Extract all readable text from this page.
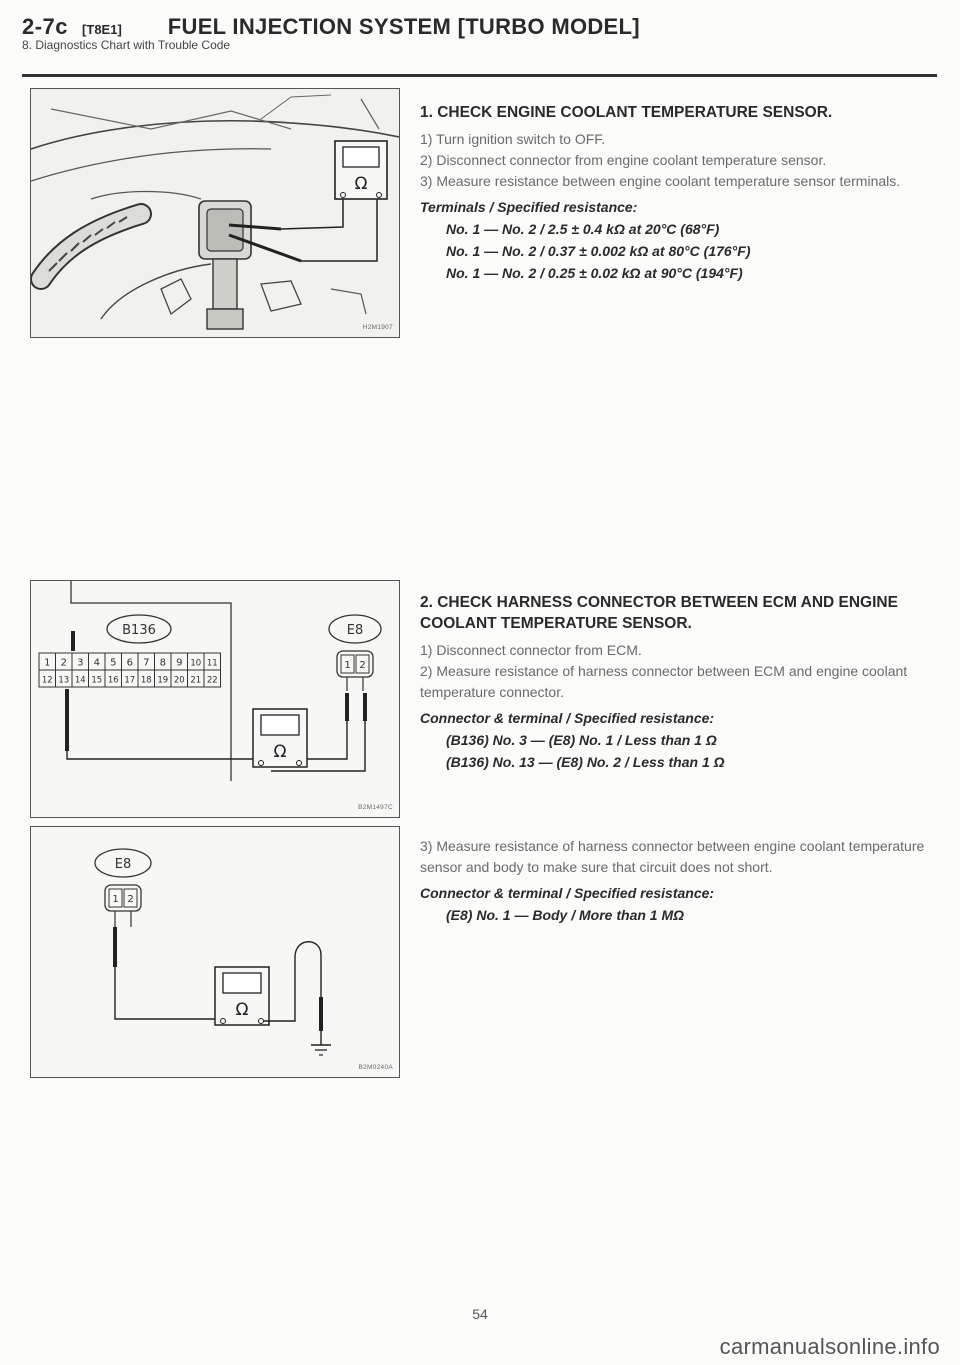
2-7c [T8E1] FUEL INJECTION SYSTEM [TURBO MODEL]
8. Diagnostics Chart with Trouble Code
Ω
H2M1907
1. CHECK ENGINE COOLANT TEMPERATURE SENSOR.

1) Turn ignition switch to OFF.

2) Disconnect connector from engine coolant temperature sensor.

3) Measure resistance between engine coolant temperature sensor terminals.

Terminals / Specified resistance:
No. 1 — No. 2 / 2.5 ± 0.4 kΩ at 20°C (68°F)
No. 1 — No. 2 / 0.37 ± 0.002 kΩ at 80°C (176°F)
No. 1 — No. 2 / 0.25 ± 0.02 kΩ at 90°C (194°F)
B136
1 2 3 4 5 6 7 8 9 10 11
12 13 14 15 16 17 18 19 20 21 22
E8
1 2
Ω
B2M1497C
2. CHECK HARNESS CONNECTOR BETWEEN ECM AND ENGINE COOLANT TEMPERATURE SENSOR.

1) Disconnect connector from ECM.

2) Measure resistance of harness connector between ECM and engine coolant temperature connector.

Connector & terminal / Specified resistance:
(B136) No. 3 — (E8) No. 1 / Less than 1 Ω
(B136) No. 13 — (E8) No. 2 / Less than 1 Ω
E8
1 2
Ω
B2M0240A

3) Measure resistance of harness connector between engine coolant temperature sensor and body to make sure that circuit does not short.

Connector & terminal / Specified resistance:
(E8) No. 1 — Body / More than 1 MΩ
54
carmanualsonline.info
